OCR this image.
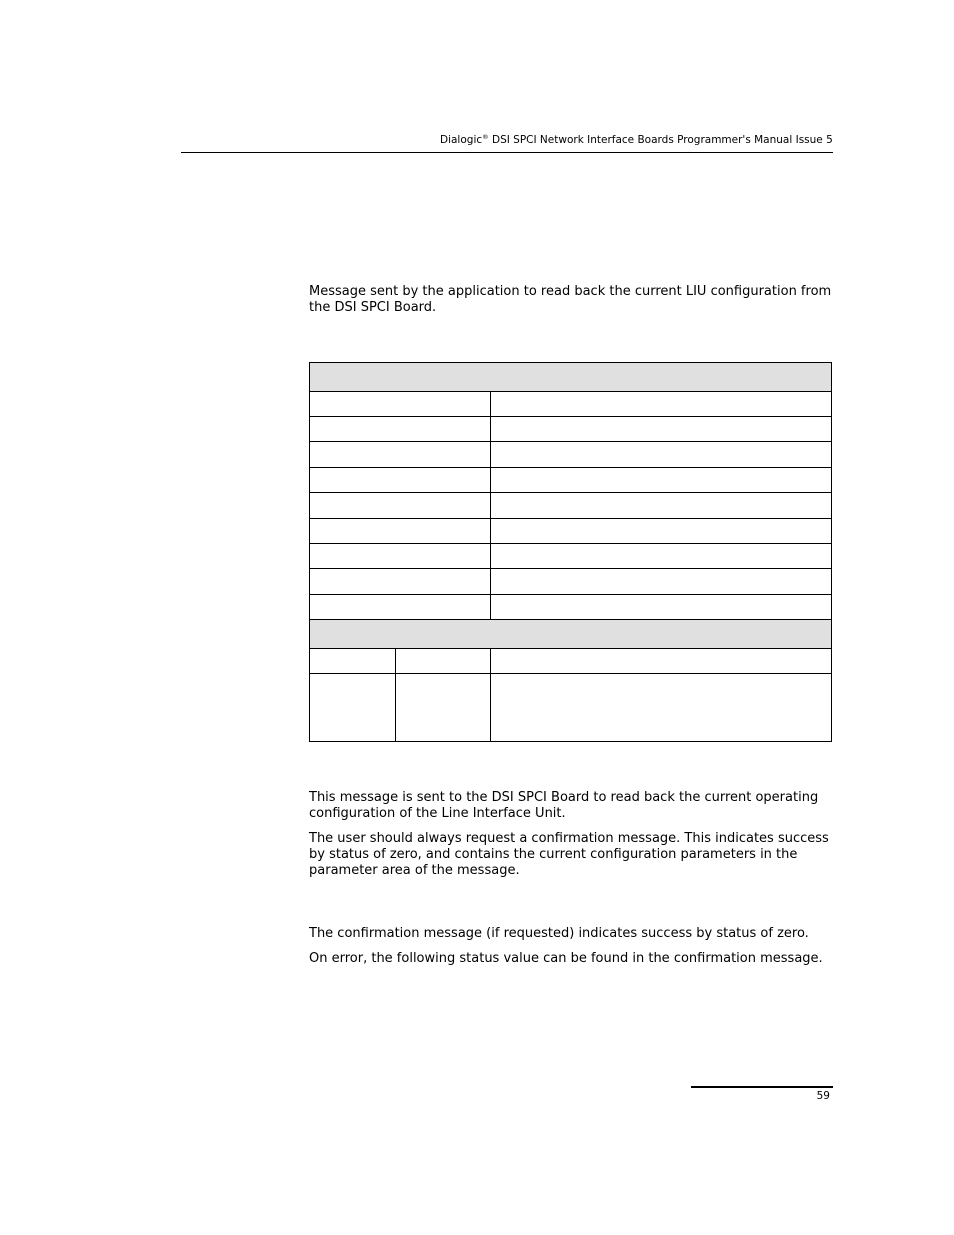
Dialogic® DSI SPCI Network Interface Boards Programmer's Manual Issue 5

Message sent by the application to read back the current LIU configuration from the DSI SPCI Board.

This message is sent to the DSI SPCI Board to read back the current operating configuration of the Line Interface Unit.

The user should always request a confirmation message. This indicates success by status of zero, and contains the current configuration parameters in the parameter area of the message.

The confirmation message (if requested) indicates success by status of zero.

On error, the following status value can be found in the confirmation message.

59
